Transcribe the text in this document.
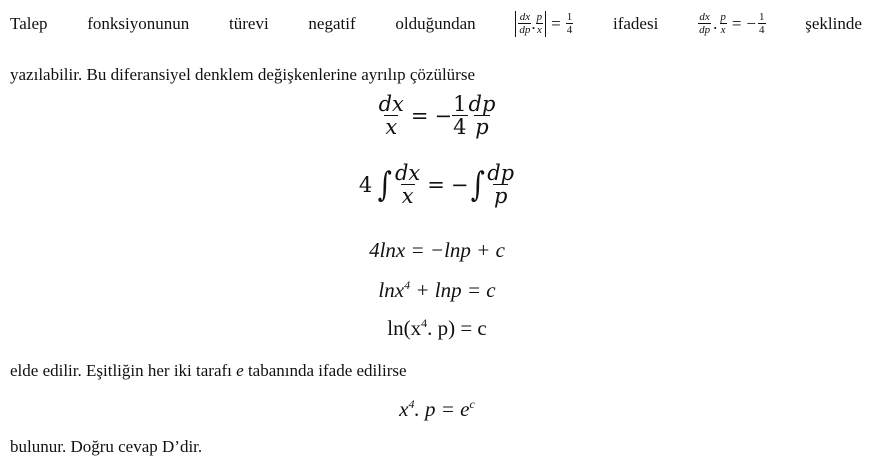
Talep fonksiyonunun türevi negatif olduğundan	$\frac{dx}{dp}$ . $\frac{p}{x} = \frac{1}{4}$ ifadesi	$\frac{dx}{dp}$ . $\frac{p}{x}$ = − $\frac{1}{4}$ şeklinde
yazılabilir. Bu diferansiyel denklem değişkenlerine ayrılıp çözülürse
$\frac{dx}{x}$ = − $\frac{1}{4} \frac{dp}{p}$
4 ∫ $\frac{dx}{x}$ = − ∫ $\frac{dp}{p}$
4lnx = −lnp + c
lnx$^4$ + lnp = c
$\ln(x^4$. p) = c
elde edilir. Eşitliğin her iki tarafı e tabanında ifade edilirse
$x^4$. $p = e^c$
bulunur. Doğru cevap D’dir.
